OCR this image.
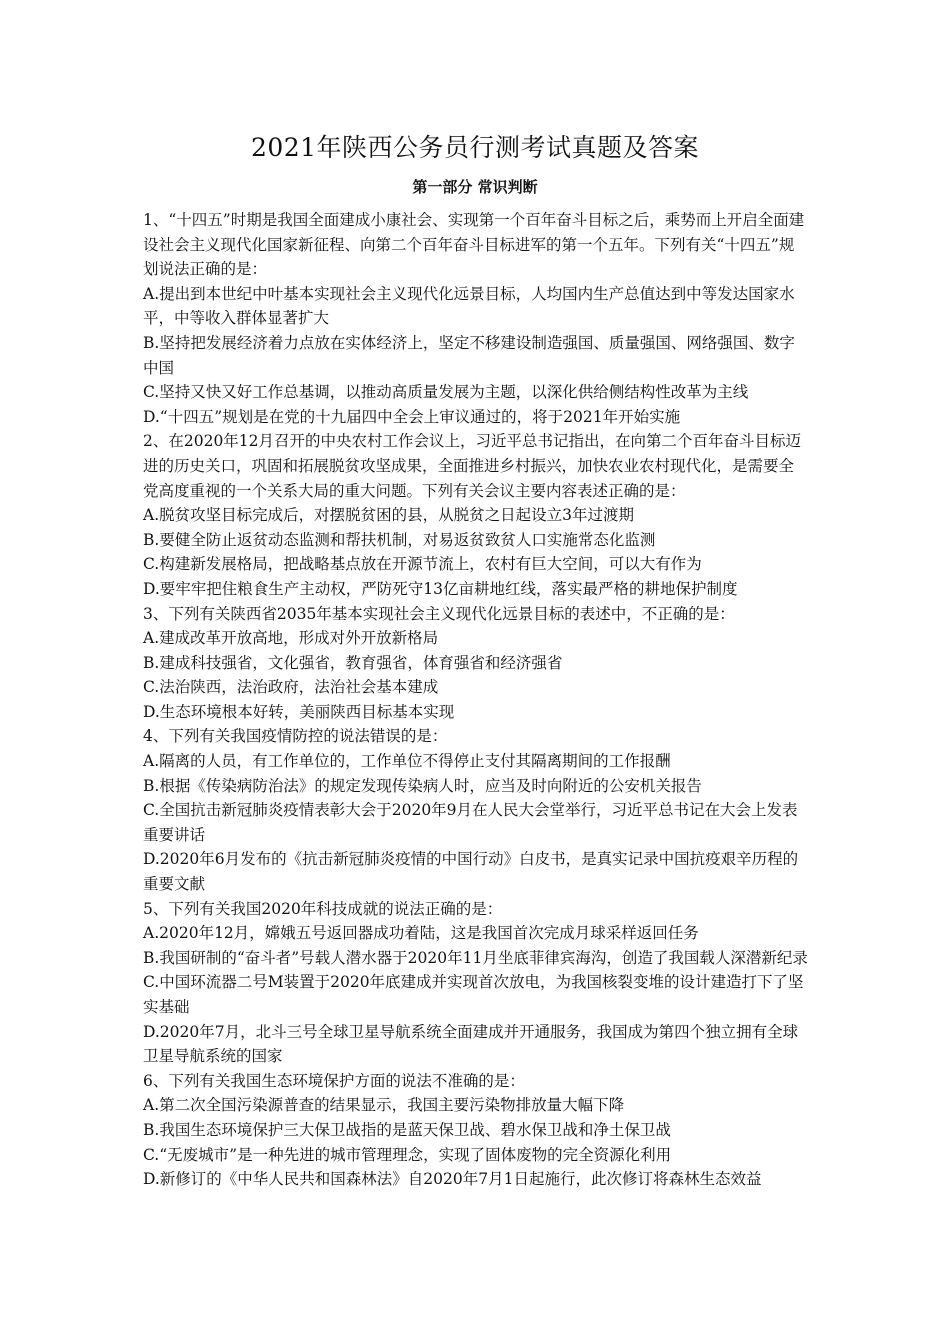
2021年陕西公务员行测考试真题及答案
第一部分 常识判断

1、“十四五”时期是我国全面建成小康社会、实现第一个百年奋斗目标之后，乘势而上开启全面建设社会主义现代化国家新征程、向第二个百年奋斗目标进军的第一个五年。下列有关“十四五”规划说法正确的是：

A.提出到本世纪中叶基本实现社会主义现代化远景目标，人均国内生产总值达到中等发达国家水平，中等收入群体显著扩大

B.坚持把发展经济着力点放在实体经济上，坚定不移建设制造强国、质量强国、网络强国、数字中国

C.坚持又快又好工作总基调，以推动高质量发展为主题，以深化供给侧结构性改革为主线

D.“十四五”规划是在党的十九届四中全会上审议通过的，将于2021年开始实施

2、在2020年12月召开的中央农村工作会议上，习近平总书记指出，在向第二个百年奋斗目标迈进的历史关口，巩固和拓展脱贫攻坚成果，全面推进乡村振兴，加快农业农村现代化，是需要全党高度重视的一个关系大局的重大问题。下列有关会议主要内容表述正确的是：

A.脱贫攻坚目标完成后，对摆脱贫困的县，从脱贫之日起设立3年过渡期

B.要健全防止返贫动态监测和帮扶机制，对易返贫致贫人口实施常态化监测

C.构建新发展格局，把战略基点放在开源节流上，农村有巨大空间，可以大有作为

D.要牢牢把住粮食生产主动权，严防死守13亿亩耕地红线，落实最严格的耕地保护制度

3、下列有关陕西省2035年基本实现社会主义现代化远景目标的表述中，不正确的是：

A.建成改革开放高地，形成对外开放新格局

B.建成科技强省，文化强省，教育强省，体育强省和经济强省

C.法治陕西，法治政府，法治社会基本建成

D.生态环境根本好转，美丽陕西目标基本实现

4、下列有关我国疫情防控的说法错误的是：

A.隔离的人员，有工作单位的，工作单位不得停止支付其隔离期间的工作报酬

B.根据《传染病防治法》的规定发现传染病人时，应当及时向附近的公安机关报告

C.全国抗击新冠肺炎疫情表彰大会于2020年9月在人民大会堂举行，习近平总书记在大会上发表重要讲话

D.2020年6月发布的《抗击新冠肺炎疫情的中国行动》白皮书，是真实记录中国抗疫艰辛历程的重要文献

5、下列有关我国2020年科技成就的说法正确的是：

A.2020年12月，嫦娥五号返回器成功着陆，这是我国首次完成月球采样返回任务

B.我国研制的“奋斗者”号载人潜水器于2020年11月坐底菲律宾海沟，创造了我国载人深潜新纪录

C.中国环流器二号M装置于2020年底建成并实现首次放电，为我国核裂变堆的设计建造打下了坚实基础

D.2020年7月，北斗三号全球卫星导航系统全面建成并开通服务，我国成为第四个独立拥有全球卫星导航系统的国家

6、下列有关我国生态环境保护方面的说法不准确的是：

A.第二次全国污染源普查的结果显示，我国主要污染物排放量大幅下降

B.我国生态环境保护三大保卫战指的是蓝天保卫战、碧水保卫战和净土保卫战

C.“无废城市”是一种先进的城市管理理念，实现了固体废物的完全资源化利用

D.新修订的《中华人民共和国森林法》自2020年7月1日起施行，此次修订将森林生态效益
